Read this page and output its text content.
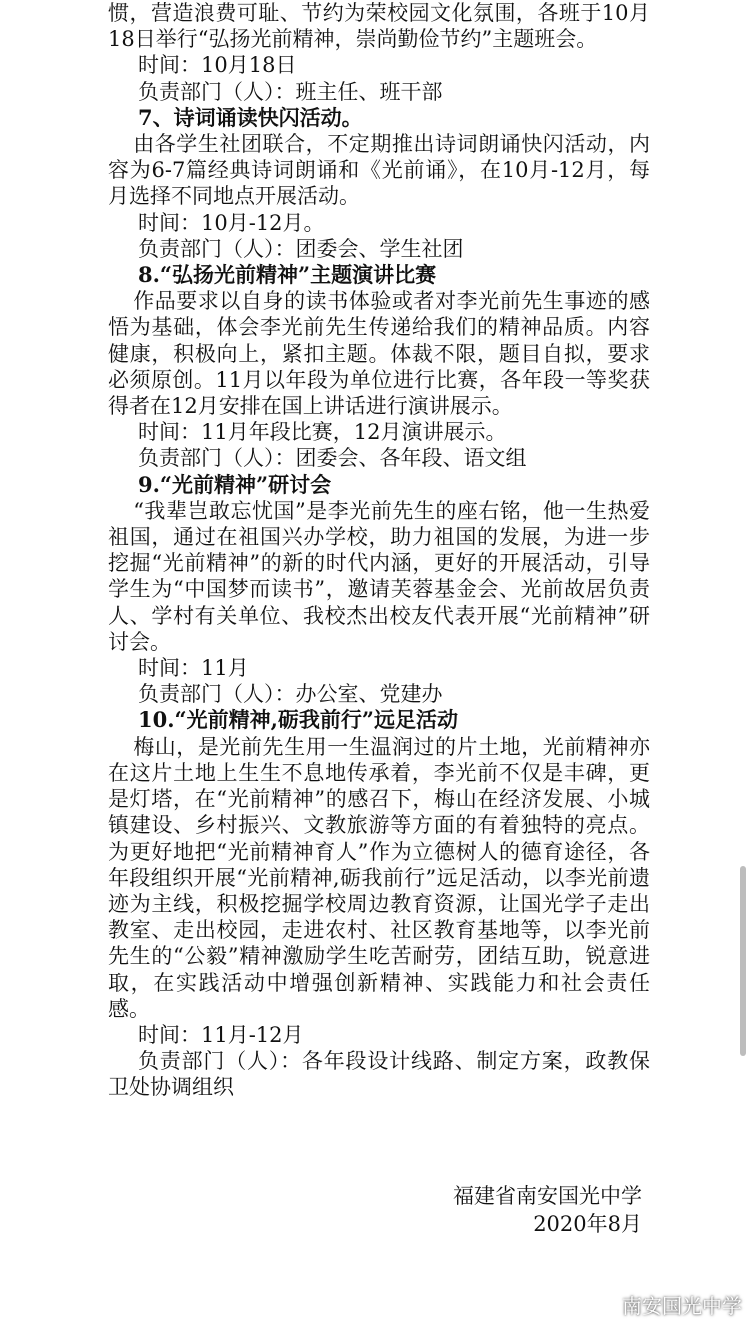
惯，营造浪费可耻、节约为荣校园文化氛围，各班于10月18日举行“弘扬光前精神，崇尚勤俭节约”主题班会。

时间：10月18日

负责部门（人）：班主任、班干部

7、诗词诵读快闪活动。

由各学生社团联合，不定期推出诗词朗诵快闪活动，内容为6-7篇经典诗词朗诵和《光前诵》，在10月-12月，每月选择不同地点开展活动。

时间：10月-12月。

负责部门（人）：团委会、学生社团

8.“弘扬光前精神”主题演讲比赛

作品要求以自身的读书体验或者对李光前先生事迹的感悟为基础，体会李光前先生传递给我们的精神品质。内容健康，积极向上，紧扣主题。体裁不限，题目自拟，要求必须原创。11月以年段为单位进行比赛，各年段一等奖获得者在12月安排在国上讲话进行演讲展示。

时间：11月年段比赛，12月演讲展示。

负责部门（人）：团委会、各年段、语文组

9.“光前精神”研讨会

“我辈岂敢忘忧国”是李光前先生的座右铭，他一生热爱祖国，通过在祖国兴办学校，助力祖国的发展，为进一步挖掘“光前精神”的新的时代内涵，更好的开展活动，引导学生为“中国梦而读书”，邀请芙蓉基金会、光前故居负责人、学村有关单位、我校杰出校友代表开展“光前精神”研讨会。

时间：11月

负责部门（人）：办公室、党建办

10.“光前精神,砺我前行”远足活动

梅山，是光前先生用一生温润过的片土地，光前精神亦在这片土地上生生不息地传承着，李光前不仅是丰碑，更是灯塔，在“光前精神”的感召下，梅山在经济发展、小城镇建设、乡村振兴、文教旅游等方面的有着独特的亮点。为更好地把“光前精神育人”作为立德树人的德育途径，各年段组织开展“光前精神,砺我前行”远足活动，以李光前遗迹为主线，积极挖掘学校周边教育资源，让国光学子走出教室、走出校园，走进农村、社区教育基地等，以李光前先生的“公毅”精神激励学生吃苦耐劳，团结互助，锐意进取，在实践活动中增强创新精神、实践能力和社会责任感。

时间：11月-12月

负责部门（人）：各年段设计线路、制定方案，政教保卫处协调组织

福建省南安国光中学
2020年8月
南安国光中学
